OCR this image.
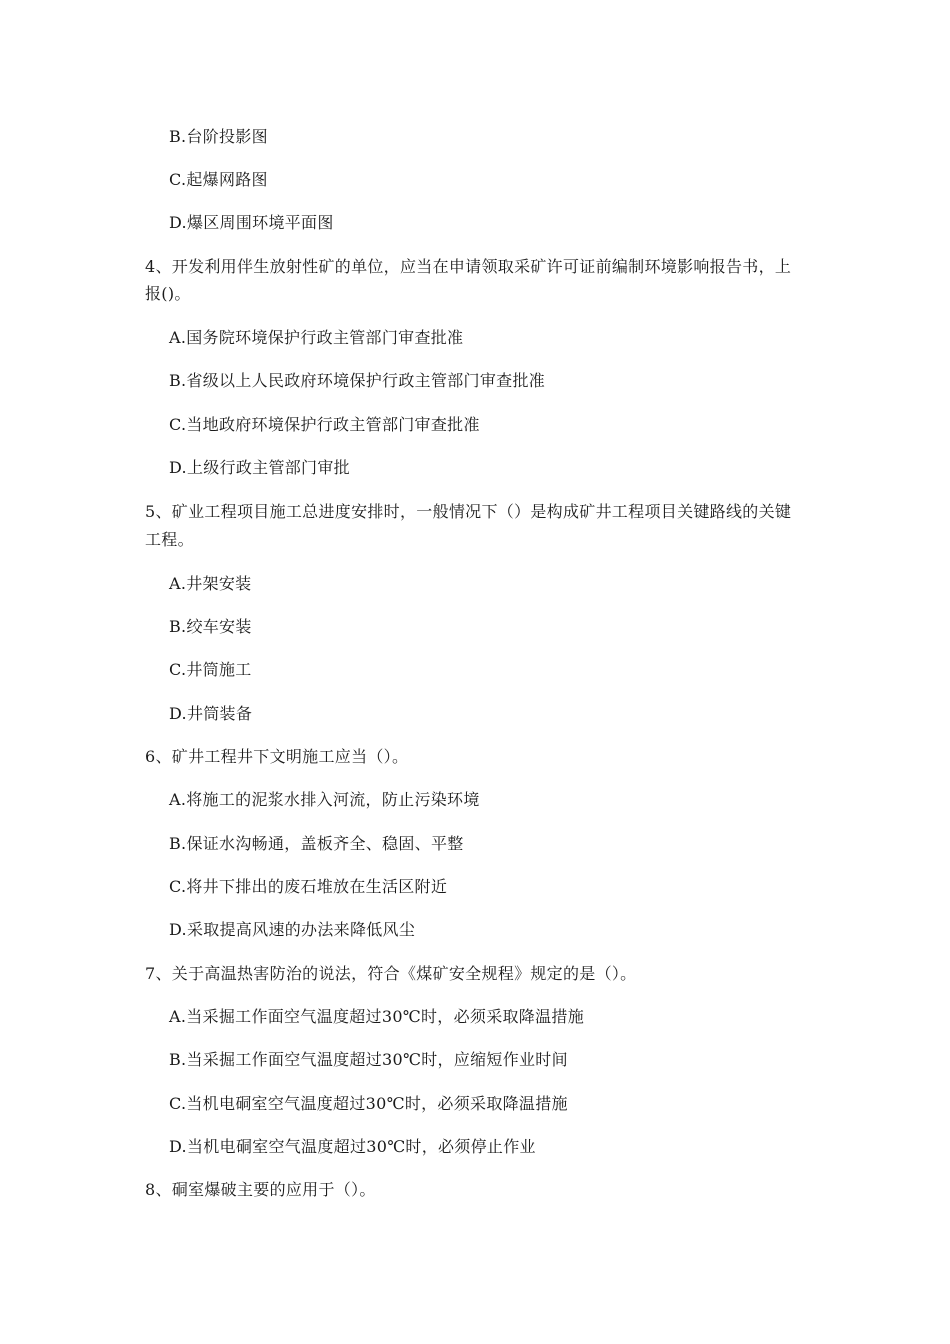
B.台阶投影图
C.起爆网路图
D.爆区周围环境平面图
4、开发利用伴生放射性矿的单位，应当在申请领取采矿许可证前编制环境影响报告书，上
报()。
A.国务院环境保护行政主管部门审查批准
B.省级以上人民政府环境保护行政主管部门审查批准
C.当地政府环境保护行政主管部门审查批准
D.上级行政主管部门审批
5、矿业工程项目施工总进度安排时，一般情况下（）是构成矿井工程项目关键路线的关键
工程。
A.井架安装
B.绞车安装
C.井筒施工
D.井筒装备
6、矿井工程井下文明施工应当（）。
A.将施工的泥浆水排入河流，防止污染环境
B.保证水沟畅通，盖板齐全、稳固、平整
C.将井下排出的废石堆放在生活区附近
D.采取提高风速的办法来降低风尘
7、关于高温热害防治的说法，符合《煤矿安全规程》规定的是（）。
A.当采掘工作面空气温度超过30℃时，必须采取降温措施
B.当采掘工作面空气温度超过30℃时，应缩短作业时间
C.当机电硐室空气温度超过30℃时，必须采取降温措施
D.当机电硐室空气温度超过30℃时，必须停止作业
8、硐室爆破主要的应用于（）。
